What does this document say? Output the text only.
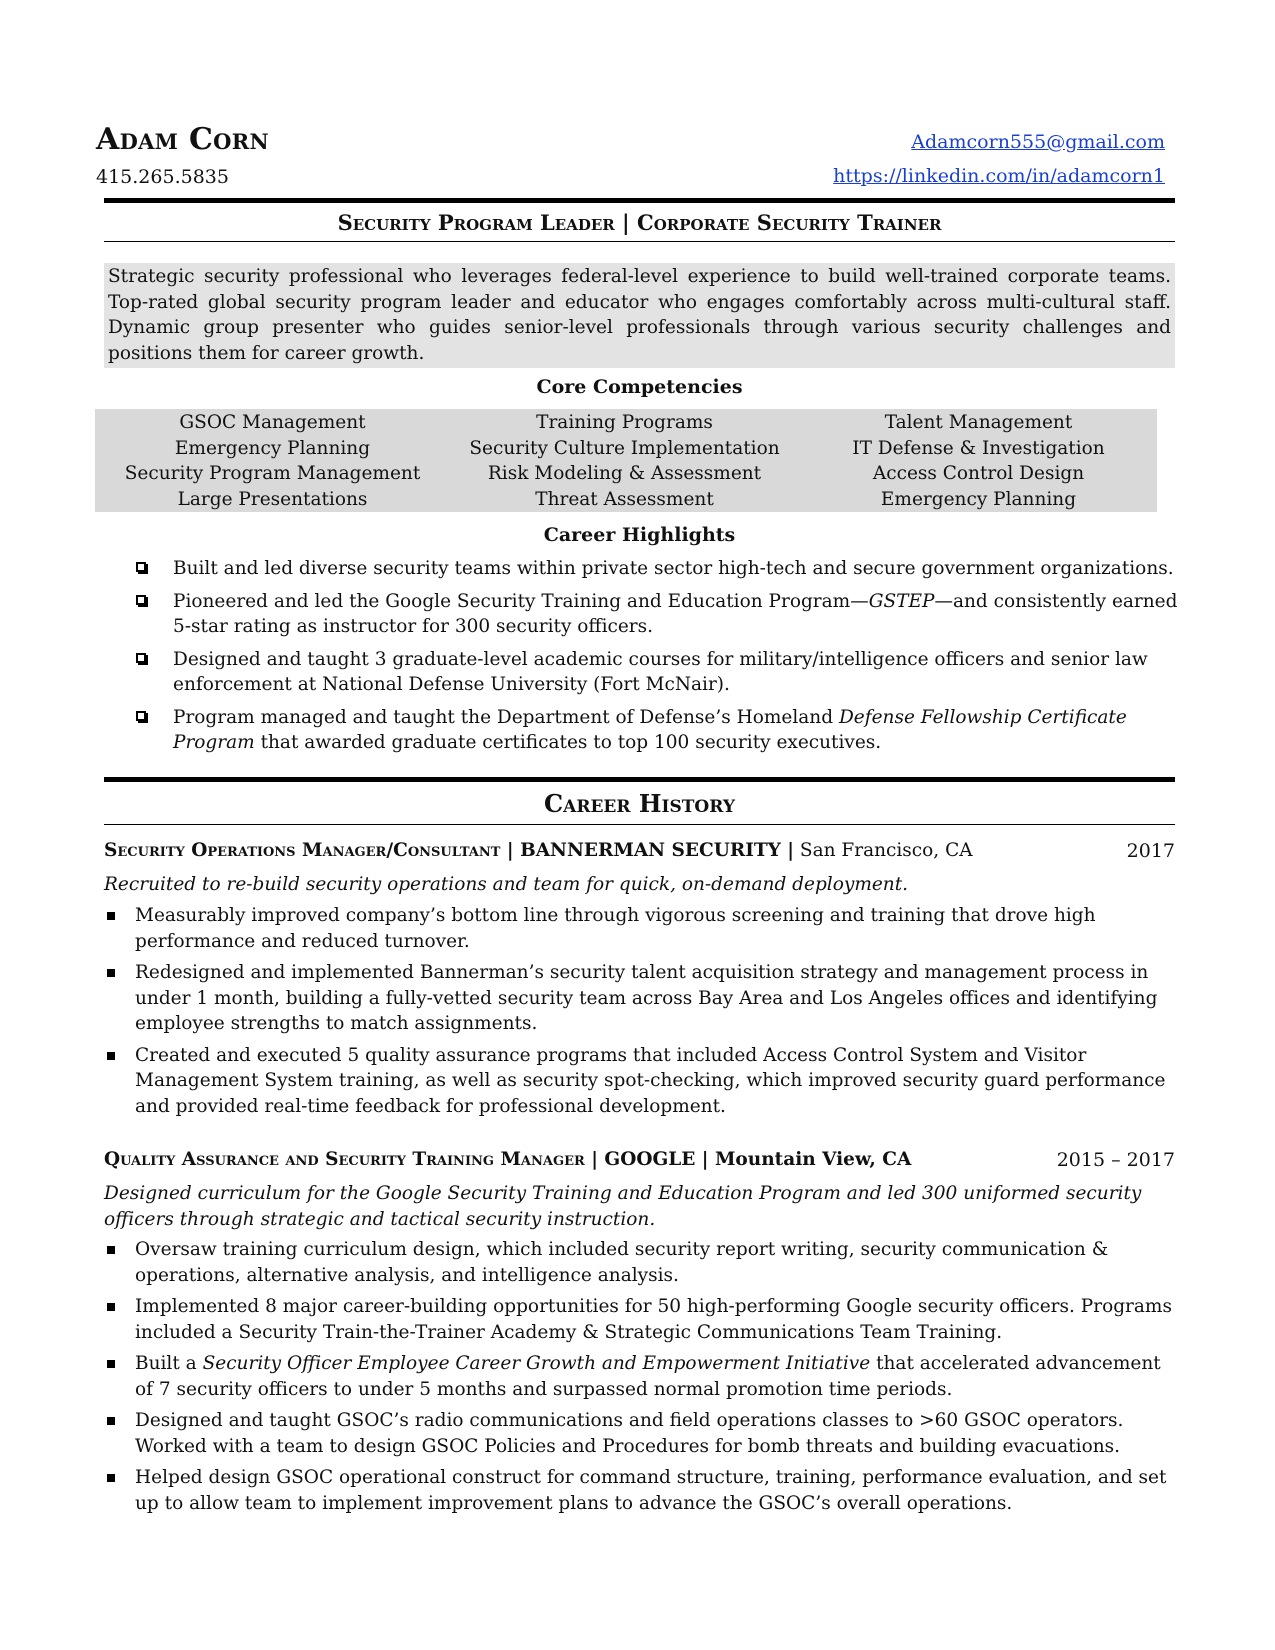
Adam Corn
415.265.5835
Adamcorn555@gmail.com
https://linkedin.com/in/adamcorn1
Security Program Leader | Corporate Security Trainer

Strategic security professional who leverages federal-level experience to build well-trained corporate teams. Top-rated global security program leader and educator who engages comfortably across multi-cultural staff. Dynamic group presenter who guides senior-level professionals through various security challenges and positions them for career growth.

Core Competencies
GSOC Management
Emergency Planning
Security Program Management
Large Presentations
Training Programs
Security Culture Implementation
Risk Modeling & Assessment
Threat Assessment
Talent Management
IT Defense & Investigation
Access Control Design
Emergency Planning
Career Highlights
Built and led diverse security teams within private sector high-tech and secure government organizations.
Pioneered and led the Google Security Training and Education Program—GSTEP—and consistently earned 5-star rating as instructor for 300 security officers.
Designed and taught 3 graduate-level academic courses for military/intelligence officers and senior law enforcement at National Defense University (Fort McNair).
Program managed and taught the Department of Defense’s Homeland Defense Fellowship Certificate Program that awarded graduate certificates to top 100 security executives.
Career History
Security Operations Manager/Consultant | BANNERMAN SECURITY | San Francisco, CA	2017
Recruited to re-build security operations and team for quick, on-demand deployment.
Measurably improved company’s bottom line through vigorous screening and training that drove high performance and reduced turnover.
Redesigned and implemented Bannerman’s security talent acquisition strategy and management process in under 1 month, building a fully-vetted security team across Bay Area and Los Angeles offices and identifying employee strengths to match assignments.
Created and executed 5 quality assurance programs that included Access Control System and Visitor Management System training, as well as security spot-checking, which improved security guard performance and provided real-time feedback for professional development.
Quality Assurance and Security Training Manager | GOOGLE | Mountain View, CA	2015 – 2017
Designed curriculum for the Google Security Training and Education Program and led 300 uniformed security officers through strategic and tactical security instruction.
Oversaw training curriculum design, which included security report writing, security communication & operations, alternative analysis, and intelligence analysis.
Implemented 8 major career-building opportunities for 50 high-performing Google security officers. Programs included a Security Train-the-Trainer Academy & Strategic Communications Team Training.
Built a Security Officer Employee Career Growth and Empowerment Initiative that accelerated advancement of 7 security officers to under 5 months and surpassed normal promotion time periods.
Designed and taught GSOC’s radio communications and field operations classes to >60 GSOC operators. Worked with a team to design GSOC Policies and Procedures for bomb threats and building evacuations.
Helped design GSOC operational construct for command structure, training, performance evaluation, and set up to allow team to implement improvement plans to advance the GSOC’s overall operations.
